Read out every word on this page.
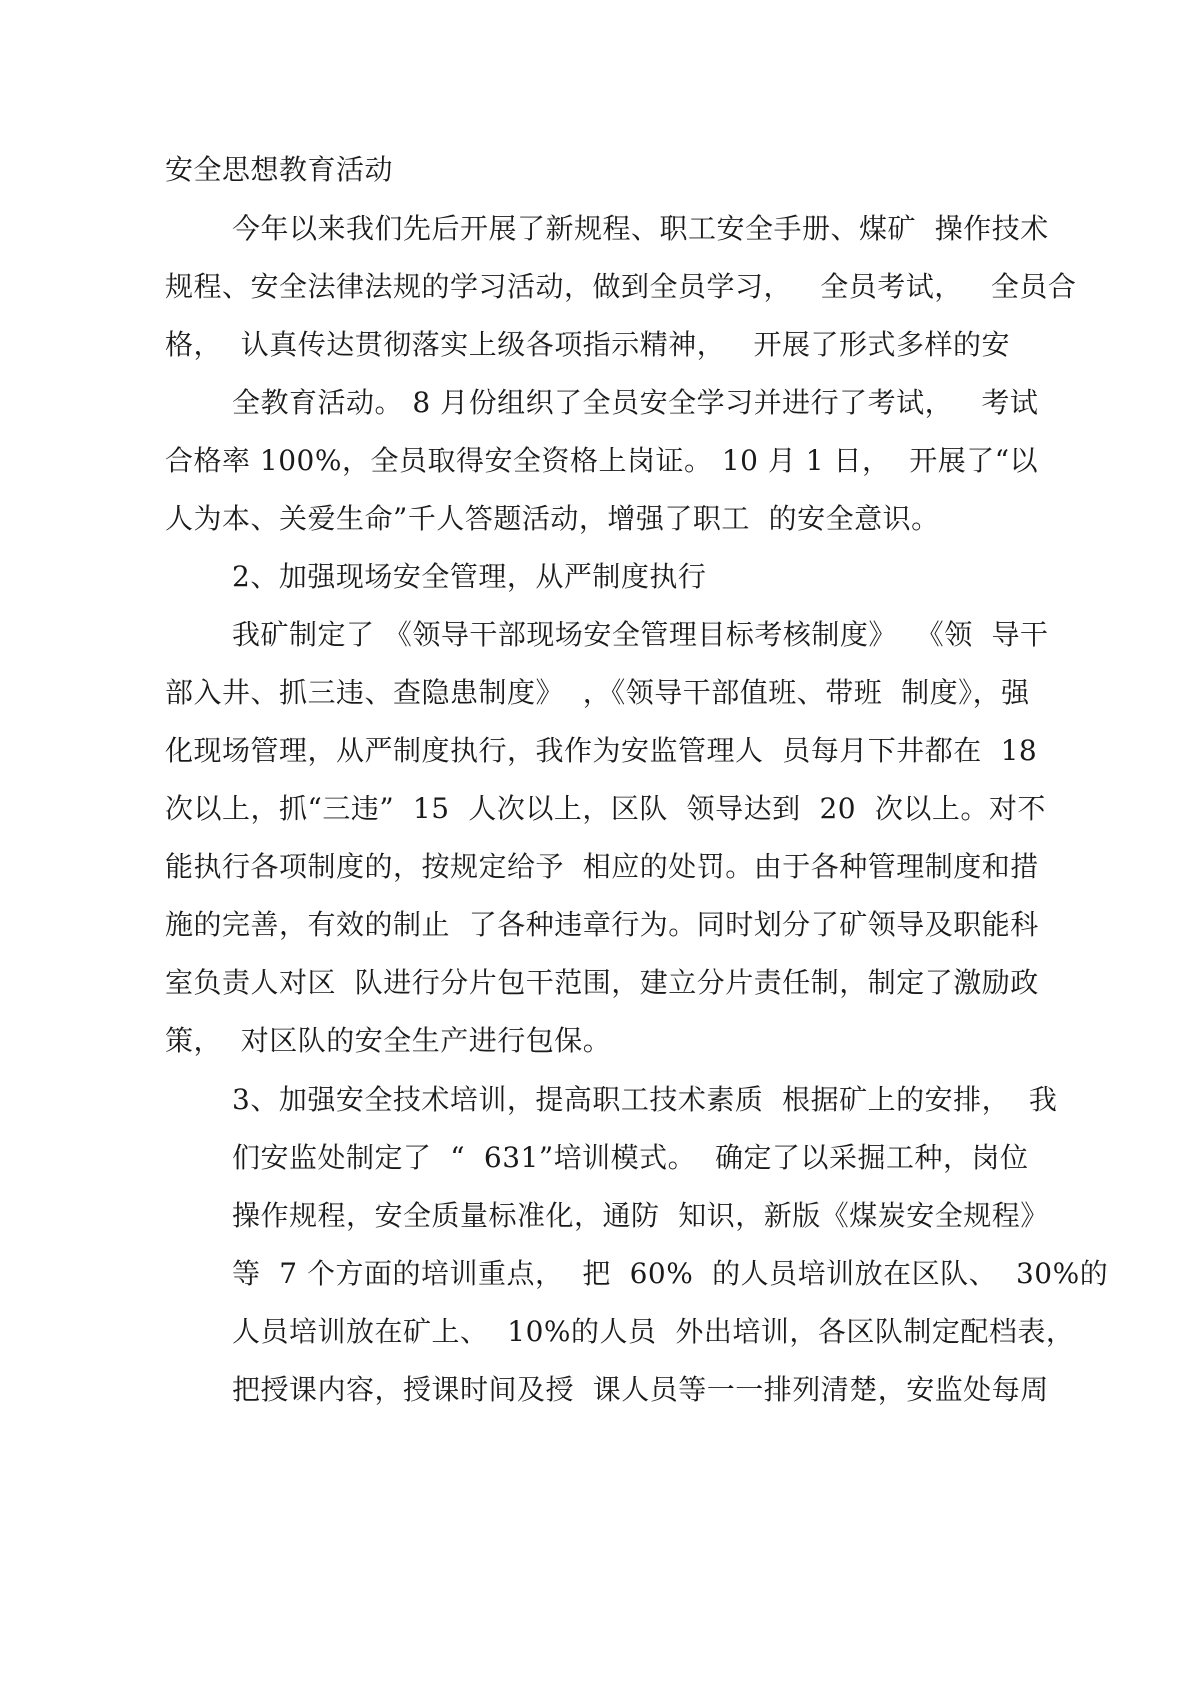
安全思想教育活动
今年以来我们先后开展了新规程、职工安全手册、煤矿  操作技术
规程、安全法律法规的学习活动，做到全员学习，   全员考试，   全员合
格，  认真传达贯彻落实上级各项指示精神，   开展了形式多样的安
全教育活动。 8 月份组织了全员安全学习并进行了考试，   考试
合格率 100%，全员取得安全资格上岗证。 10 月 1 日，  开展了“以
人为本、关爱生命”千人答题活动，增强了职工  的安全意识。
2、加强现场安全管理，从严制度执行
我矿制定了 《领导干部现场安全管理目标考核制度》  《领  导干
部入井、抓三违、查隐患制度》  ，《领导干部值班、带班  制度》，强
化现场管理，从严制度执行，我作为安监管理人  员每月下井都在  18
次以上，抓“三违”  15  人次以上，区队  领导达到  20  次以上。对不
能执行各项制度的，按规定给予  相应的处罚。由于各种管理制度和措
施的完善，有效的制止  了各种违章行为。同时划分了矿领导及职能科
室负责人对区  队进行分片包干范围，建立分片责任制，制定了激励政
策，  对区队的安全生产进行包保。
3、加强安全技术培训，提高职工技术素质  根据矿上的安排，  我
们安监处制定了  “  631”培训模式。  确定了以采掘工种，岗位
操作规程，安全质量标准化，通防  知识，新版《煤炭安全规程》
等  7 个方面的培训重点，  把  60%  的人员培训放在区队、  30%的
人员培训放在矿上、  10%的人员  外出培训，各区队制定配档表，
把授课内容，授课时间及授  课人员等一一排列清楚，安监处每周
